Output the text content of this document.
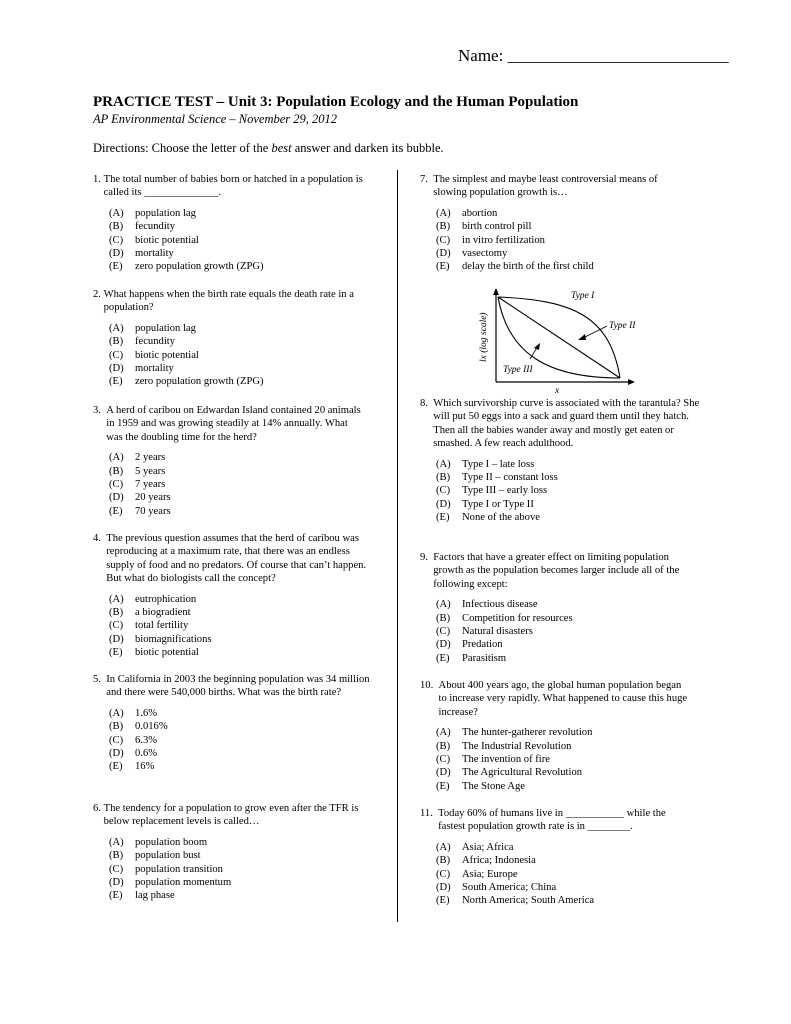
Name: __________________________
PRACTICE TEST – Unit 3: Population Ecology and the Human Population
AP Environmental Science – November 29, 2012
Directions: Choose the letter of the best answer and darken its bubble.
1. The total number of babies born or hatched in a population is called its ______________.
(A)	population lag
(B)	fecundity
(C)	biotic potential
(D)	mortality
(E)	zero population growth (ZPG)
2. What happens when the birth rate equals the death rate in a population?
(A)	population lag
(B)	fecundity
(C)	biotic potential
(D)	mortality
(E)	zero population growth (ZPG)
3. A herd of caribou on Edwardan Island contained 20 animals in 1959 and was growing steadily at 14% annually. What was the doubling time for the herd?
(A)	2 years
(B)	5 years
(C)	7 years
(D)	20 years
(E)	70 years
4. The previous question assumes that the herd of caribou was reproducing at a maximum rate, that there was an endless supply of food and no predators. Of course that can’t happen. But what do biologists call the concept?
(A)	eutrophication
(B)	a biogradient
(C)	total fertility
(D)	biomagnifications
(E)	biotic potential
5. In California in 2003 the beginning population was 34 million and there were 540,000 births. What was the birth rate?
(A)	1.6%
(B)	0.016%
(C)	6.3%
(D)	0.6%
(E)	16%
6. The tendency for a population to grow even after the TFR is below replacement levels is called…
(A)	population boom
(B)	population bust
(C)	population transition
(D)	population momentum
(E)	lag phase
7. The simplest and maybe least controversial means of slowing population growth is…
(A)	abortion
(B)	birth control pill
(C)	in vitro fertilization
(D)	vasectomy
(E)	delay the birth of the first child
Type I
Type II
Type III
lx (log scale)
x
8. Which survivorship curve is associated with the tarantula? She will put 50 eggs into a sack and guard them until they hatch. Then all the babies wander away and mostly get eaten or smashed. A few reach adulthood.
(A)	Type I – late loss
(B)	Type II – constant loss
(C)	Type III – early loss
(D)	Type I or Type II
(E)	None of the above
9. Factors that have a greater effect on limiting population growth as the population becomes larger include all of the following except:
(A)	Infectious disease
(B)	Competition for resources
(C)	Natural disasters
(D)	Predation
(E)	Parasitism
10. About 400 years ago, the global human population began to increase very rapidly. What happened to cause this huge increase?
(A)	The hunter-gatherer revolution
(B)	The Industrial Revolution
(C)	The invention of fire
(D)	The Agricultural Revolution
(E)	The Stone Age
11. Today 60% of humans live in ___________ while the fastest population growth rate is in ________.
(A)	Asia; Africa
(B)	Africa; Indonesia
(C)	Asia; Europe
(D)	South America; China
(E)	North America; South America
